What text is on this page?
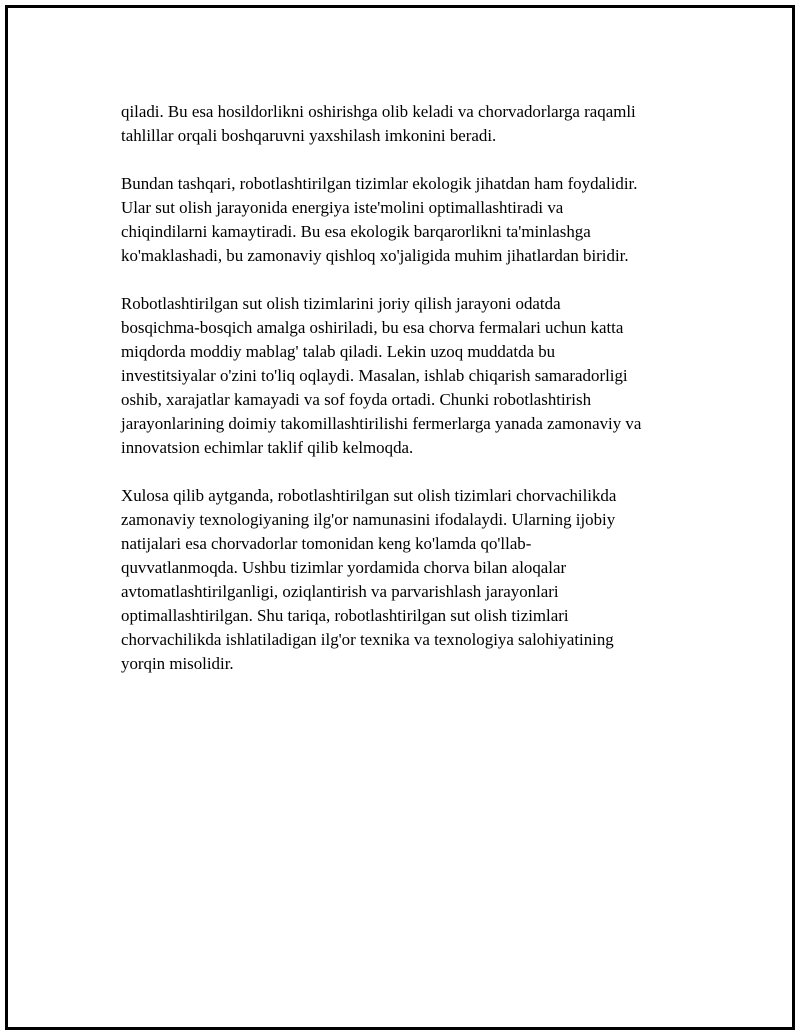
qiladi. Bu esa hosildorlikni oshirishga olib keladi va chorvadorlarga raqamli
tahlillar orqali boshqaruvni yaxshilash imkonini beradi.

Bundan tashqari, robotlashtirilgan tizimlar ekologik jihatdan ham foydalidir.
Ular sut olish jarayonida energiya iste'molini optimallashtiradi va
chiqindilarni kamaytiradi. Bu esa ekologik barqarorlikni ta'minlashga
ko'maklashadi, bu zamonaviy qishloq xo'jaligida muhim jihatlardan biridir.

Robotlashtirilgan sut olish tizimlarini joriy qilish jarayoni odatda
bosqichma-bosqich amalga oshiriladi, bu esa chorva fermalari uchun katta
miqdorda moddiy mablag' talab qiladi. Lekin uzoq muddatda bu
investitsiyalar o'zini to'liq oqlaydi. Masalan, ishlab chiqarish samaradorligi
oshib, xarajatlar kamayadi va sof foyda ortadi. Chunki robotlashtirish
jarayonlarining doimiy takomillashtirilishi fermerlarga yanada zamonaviy va
innovatsion echimlar taklif qilib kelmoqda.

Xulosa qilib aytganda, robotlashtirilgan sut olish tizimlari chorvachilikda
zamonaviy texnologiyaning ilg'or namunasini ifodalaydi. Ularning ijobiy
natijalari esa chorvadorlar tomonidan keng ko'lamda qo'llab-
quvvatlanmoqda. Ushbu tizimlar yordamida chorva bilan aloqalar
avtomatlashtirilganligi, oziqlantirish va parvarishlash jarayonlari
optimallashtirilgan. Shu tariqa, robotlashtirilgan sut olish tizimlari
chorvachilikda ishlatiladigan ilg'or texnika va texnologiya salohiyatining
yorqin misolidir.
